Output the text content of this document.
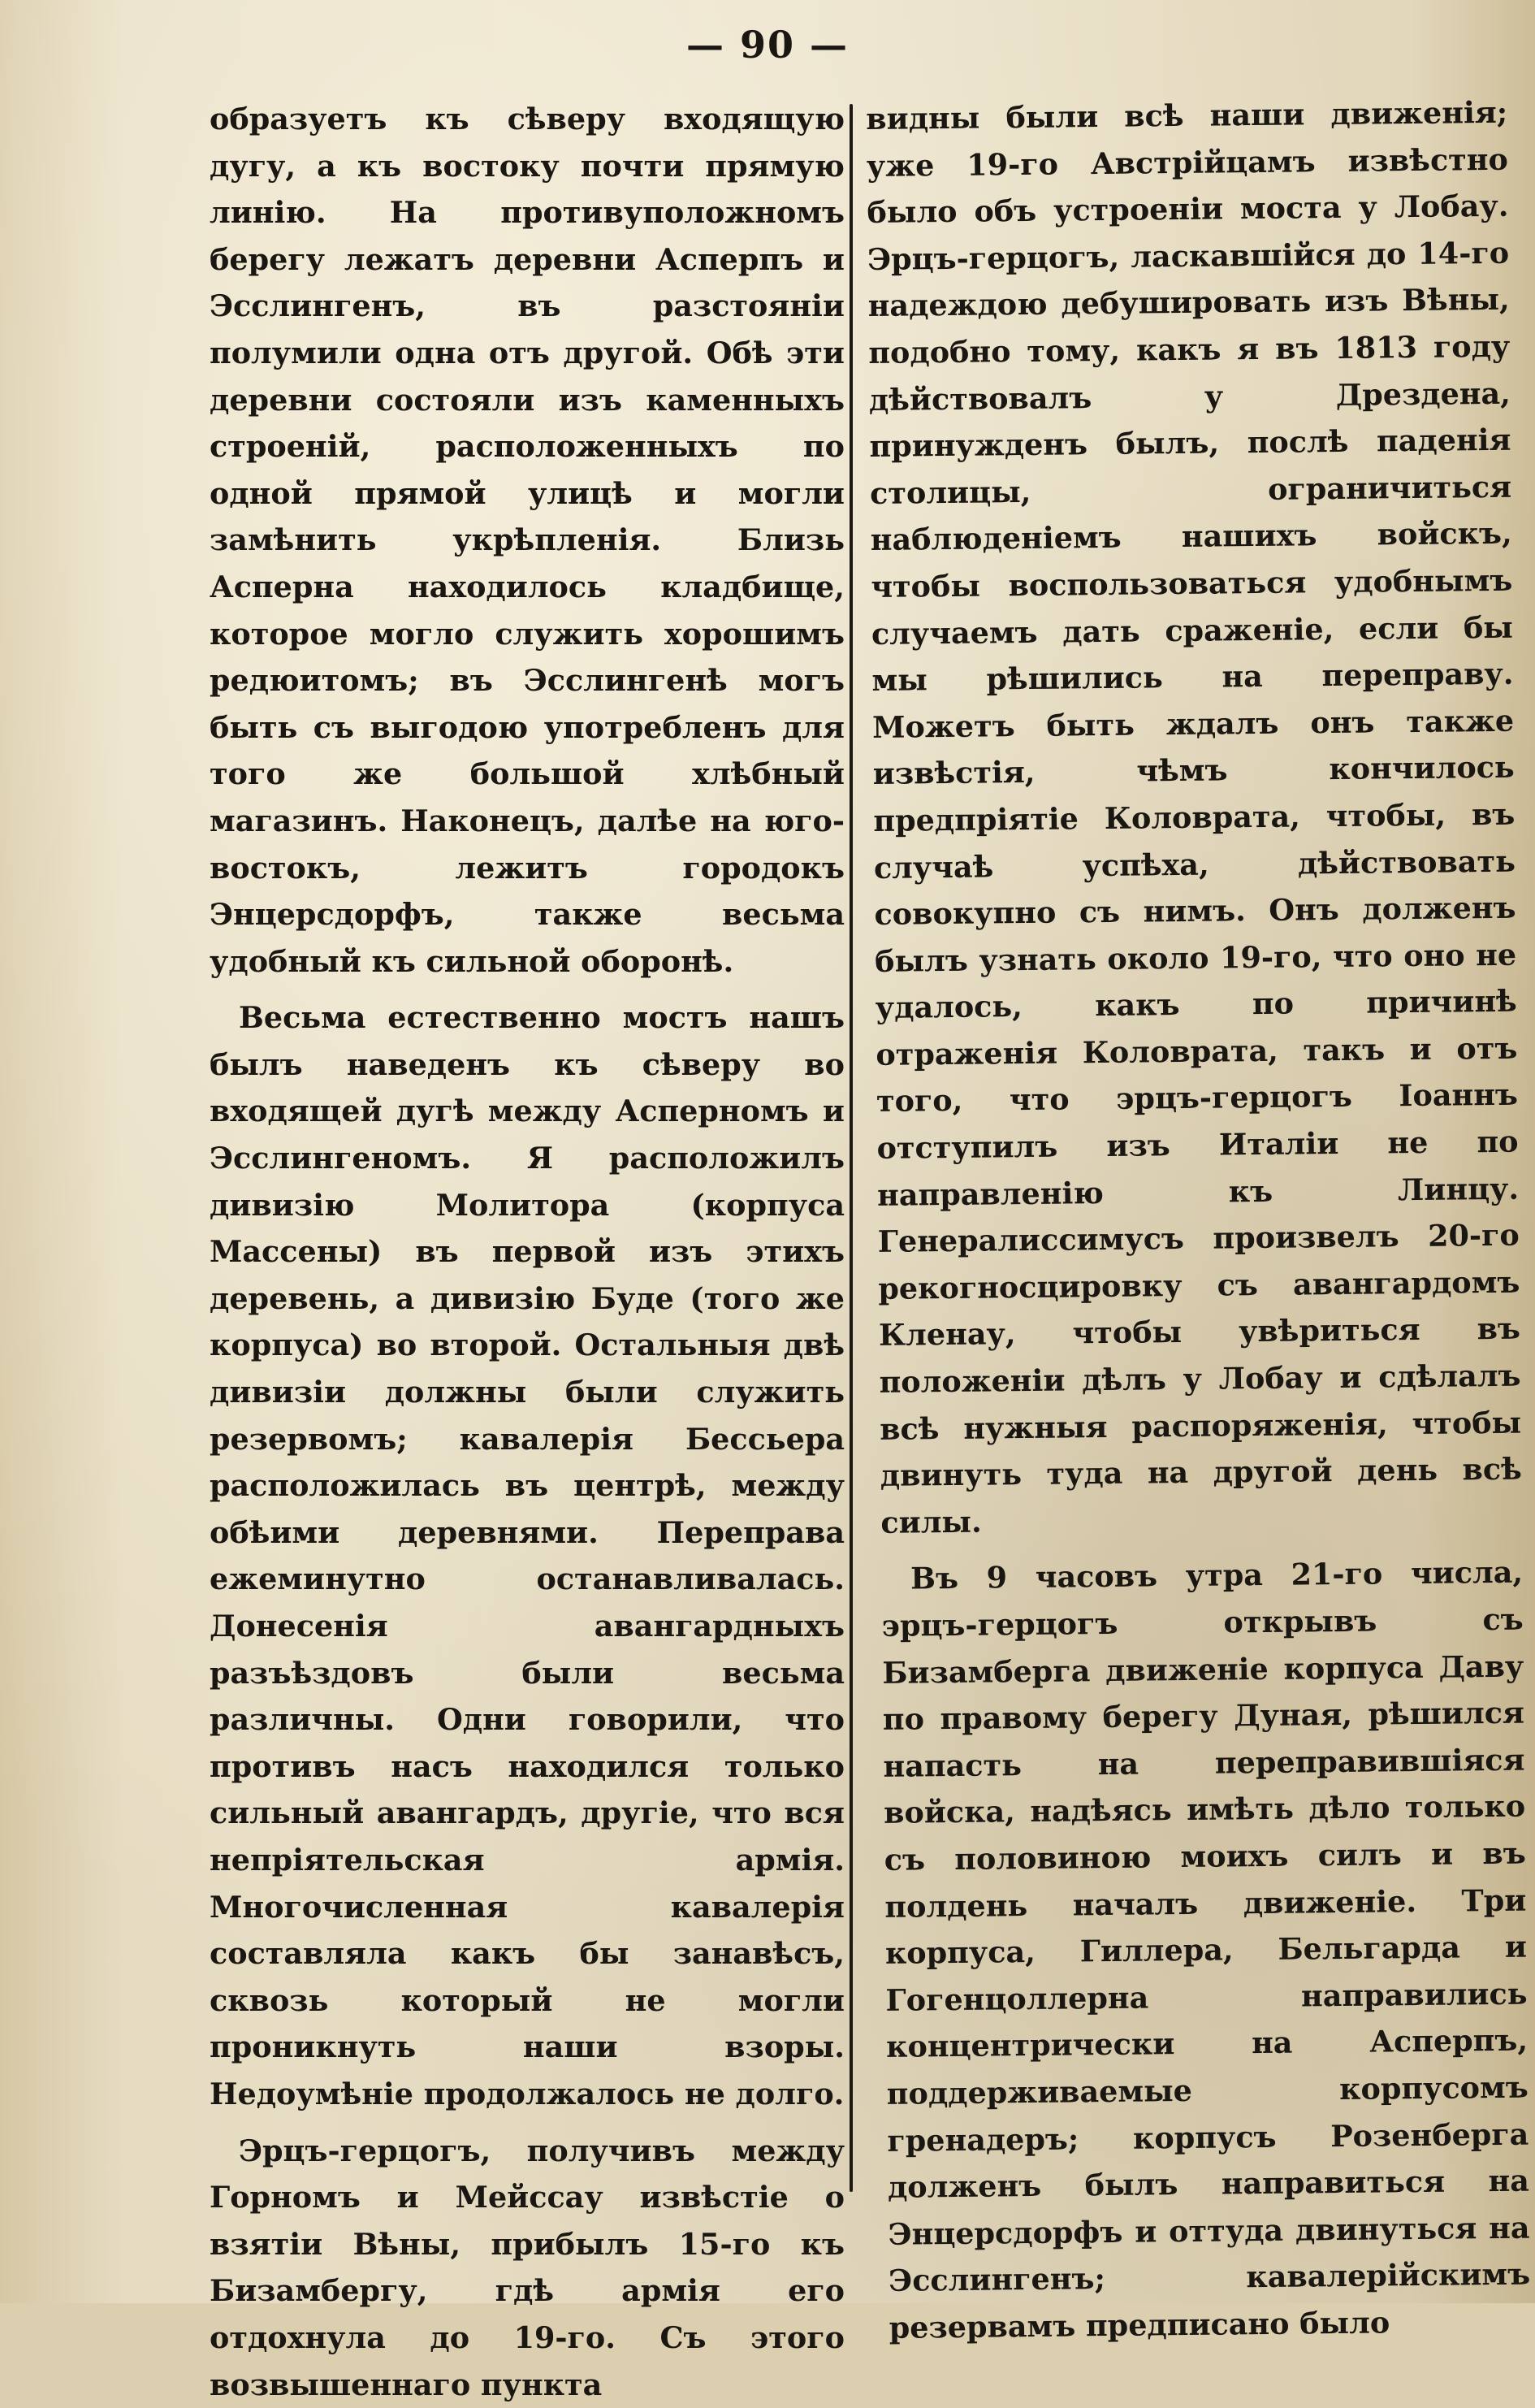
— 90 —

образуетъ къ сѣверу входящую дугу, а къ востоку почти прямую линію. На противуположномъ берегу лежатъ деревни Асперпъ и Эсслингенъ, въ разстояніи полумили одна отъ другой. Обѣ эти деревни состояли изъ каменныхъ строеній, расположенныхъ по одной прямой улицѣ и могли замѣнить укрѣпленія. Близь Асперна находилось кладбище, которое могло служить хорошимъ редюитомъ; въ Эсслингенѣ могъ быть съ выгодою употребленъ для того же большой хлѣбный магазинъ. Наконецъ, далѣе на юго-востокъ, лежитъ городокъ Энцерсдорфъ, также весьма удобный къ сильной оборонѣ.

Весьма естественно мостъ нашъ былъ наведенъ къ сѣверу во входящей дугѣ между Асперномъ и Эсслингеномъ. Я расположилъ дивизію Молитора (корпуса Массены) въ первой изъ этихъ деревень, а дивизію Буде (того же корпуса) во второй. Остальныя двѣ дивизіи должны были служить резервомъ; кавалерія Бессьера расположилась въ центрѣ, между обѣими деревнями. Переправа ежеминутно останавливалась. Донесенія авангардныхъ разъѣздовъ были весьма различны. Одни говорили, что противъ насъ находился только сильный авангардъ, другіе, что вся непріятельская армія. Многочисленная кавалерія составляла какъ бы занавѣсъ, сквозь который не могли проникнуть наши взоры. Недоумѣніе продолжалось не долго.

Эрцъ-герцогъ, получивъ между Горномъ и Мейссау извѣстіе о взятіи Вѣны, прибылъ 15-го къ Бизамбергу, гдѣ армія его отдохнула до 19-го. Съ этого возвышеннаго пункта

видны были всѣ наши движенія; уже 19-го Австрійцамъ извѣстно было объ устроеніи моста у Лобау. Эрцъ-герцогъ, ласкавшійся до 14-го надеждою дебушировать изъ Вѣны, подобно тому, какъ я въ 1813 году дѣйствовалъ у Дрездена, принужденъ былъ, послѣ паденія столицы, ограничиться наблюденіемъ нашихъ войскъ, чтобы воспользоваться удобнымъ случаемъ дать сраженіе, если бы мы рѣшились на переправу. Можетъ быть ждалъ онъ также извѣстія, чѣмъ кончилось предпріятіе Коловрата, чтобы, въ случаѣ успѣха, дѣйствовать совокупно съ нимъ. Онъ долженъ былъ узнать около 19-го, что оно не удалось, какъ по причинѣ отраженія Коловрата, такъ и отъ того, что эрцъ-герцогъ Іоаннъ отступилъ изъ Италіи не по направленію къ Линцу. Генералиссимусъ произвелъ 20-го рекогносцировку съ авангардомъ Кленау, чтобы увѣриться въ положеніи дѣлъ у Лобау и сдѣлалъ всѣ нужныя распоряженія, чтобы двинуть туда на другой день всѣ силы.

Въ 9 часовъ утра 21-го числа, эрцъ-герцогъ открывъ съ Бизамберга движеніе корпуса Даву по правому берегу Дуная, рѣшился напасть на переправившіяся войска, надѣясь имѣть дѣло только съ половиною моихъ силъ и въ полдень началъ движеніе. Три корпуса, Гиллера, Бельгарда и Гогенцоллерна направились концентрически на Асперпъ, поддерживаемые корпусомъ гренадеръ; корпусъ Розенберга долженъ былъ направиться на Энцерсдорфъ и оттуда двинуться на Эсслингенъ; кавалерійскимъ резервамъ предписано было
